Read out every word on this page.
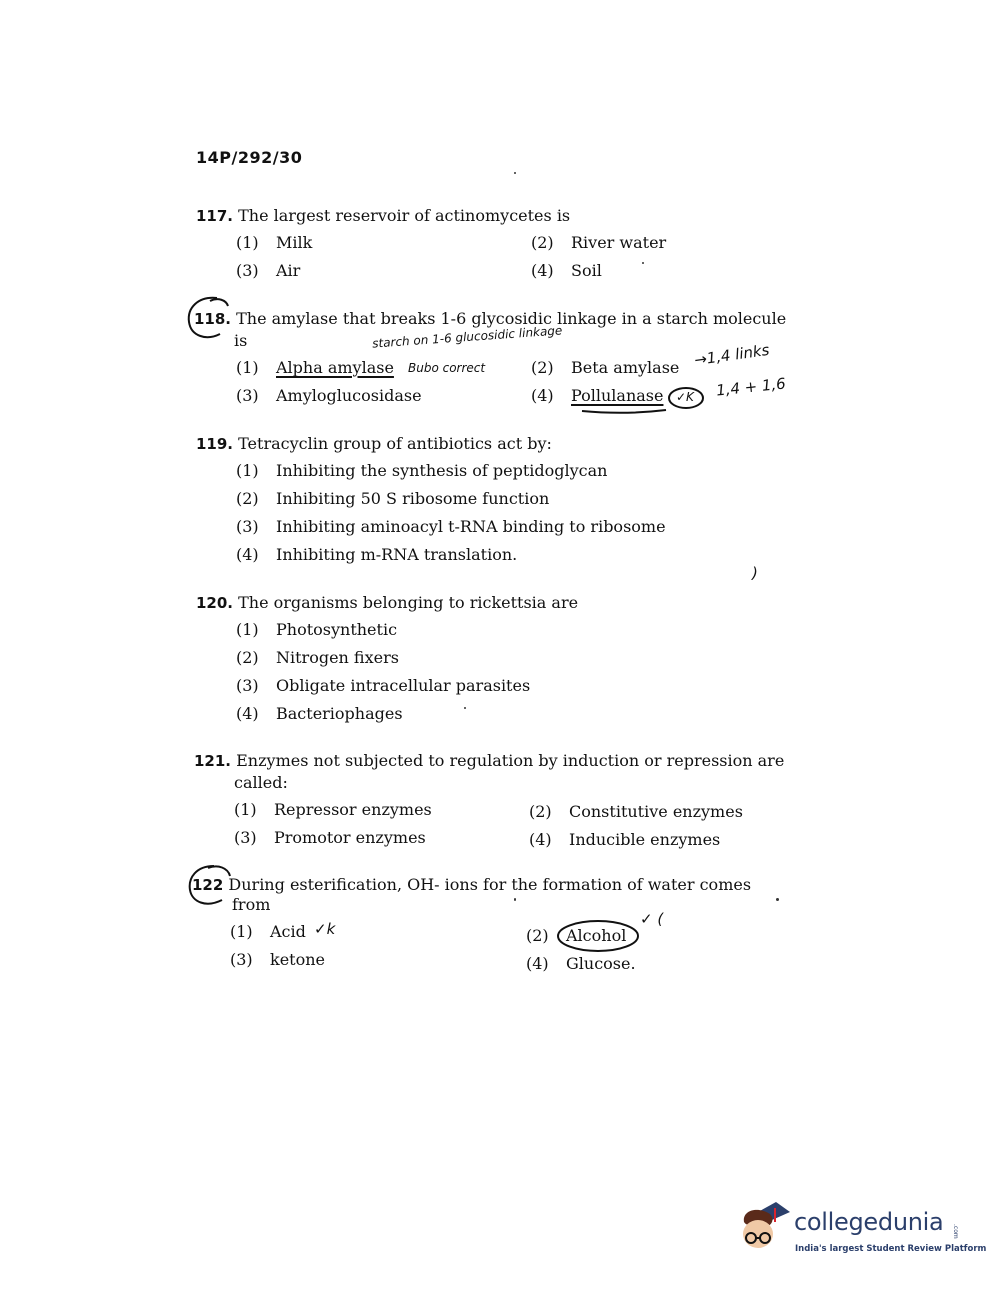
14P/292/30
117. The largest reservoir of actinomycetes is
(1) Milk	(2) River water
(3) Air	(4) Soil
118. The amylase that breaks 1-6 glycosidic linkage in a starch molecule
is	starch on 1-6 glucosidic linkage
(1) Alpha amylase Bubo correct	(2) Beta amylase →1,4 links
(3) Amyloglucosidase	(4) Pollulanase ✓K 1,4 + 1,6
119. Tetracyclin group of antibiotics act by:
(1) Inhibiting the synthesis of peptidoglycan
(2) Inhibiting 50 S ribosome function
(3) Inhibiting aminoacyl t-RNA binding to ribosome
(4) Inhibiting m-RNA translation.
)
120. The organisms belonging to rickettsia are
(1) Photosynthetic
(2) Nitrogen fixers
(3) Obligate intracellular parasites
(4) Bacteriophages
121. Enzymes not subjected to regulation by induction or repression are
called:
(1) Repressor enzymes	(2) Constitutive enzymes
(3) Promotor enzymes	(4) Inducible enzymes
122 During esterification, OH- ions for the formation of water comes
from
(1) Acid ✓k	(2) Alcohol
✓ (
(3) ketone	(4) Glucose.
collegedunia .com
India's largest Student Review Platform
